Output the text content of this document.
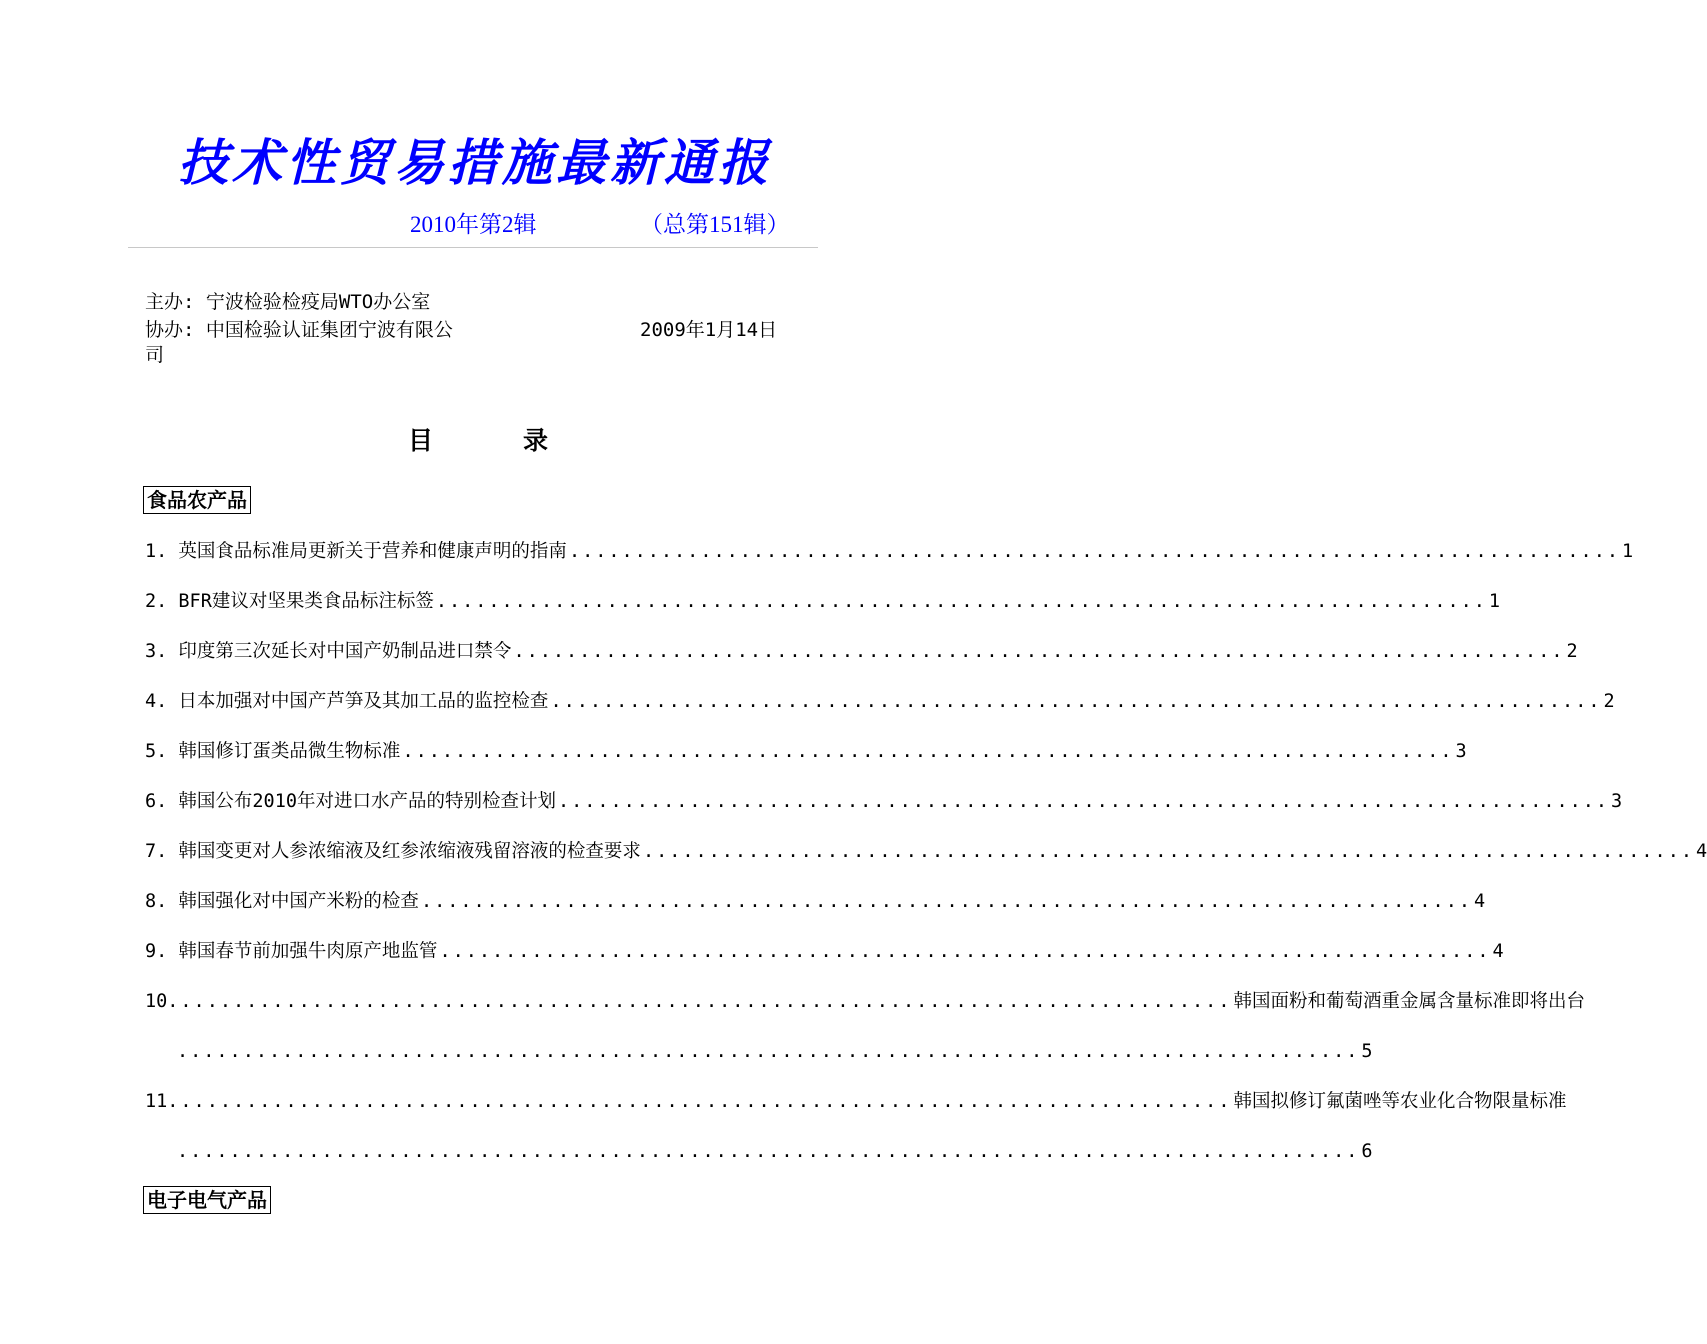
技术性贸易措施最新通报
2010年第2辑	（总第151辑）
主办: 宁波检验检疫局WTO办公室
协办: 中国检验认证集团宁波有限公
司
2009年1月14日
目	录
食品农产品
1.
英国食品标准局更新关于营养和健康声明的指南 ................................................................................ 1
2.
BFR建议对坚果类食品标注标签 ................................................................................ 1
3.
印度第三次延长对中国产奶制品进口禁令 ................................................................................ 2
4.
日本加强对中国产芦笋及其加工品的监控检查 ................................................................................ 2
5.
韩国修订蛋类品微生物标准 ................................................................................ 3
6.
韩国公布2010年对进口水产品的特别检查计划 ................................................................................ 3
7.
韩国变更对人参浓缩液及红参浓缩液残留溶液的检查要求 ................................................................................ 4
8.
韩国强化对中国产米粉的检查 ................................................................................ 4
9.
韩国春节前加强牛肉原产地监管 ................................................................................ 4
10. ................................................................................ 韩国面粉和葡萄酒重金属含量标准即将出台
.......................................................................................... 5
11. ................................................................................ 韩国拟修订氟菌唑等农业化合物限量标准
.......................................................................................... 6
电子电气产品
